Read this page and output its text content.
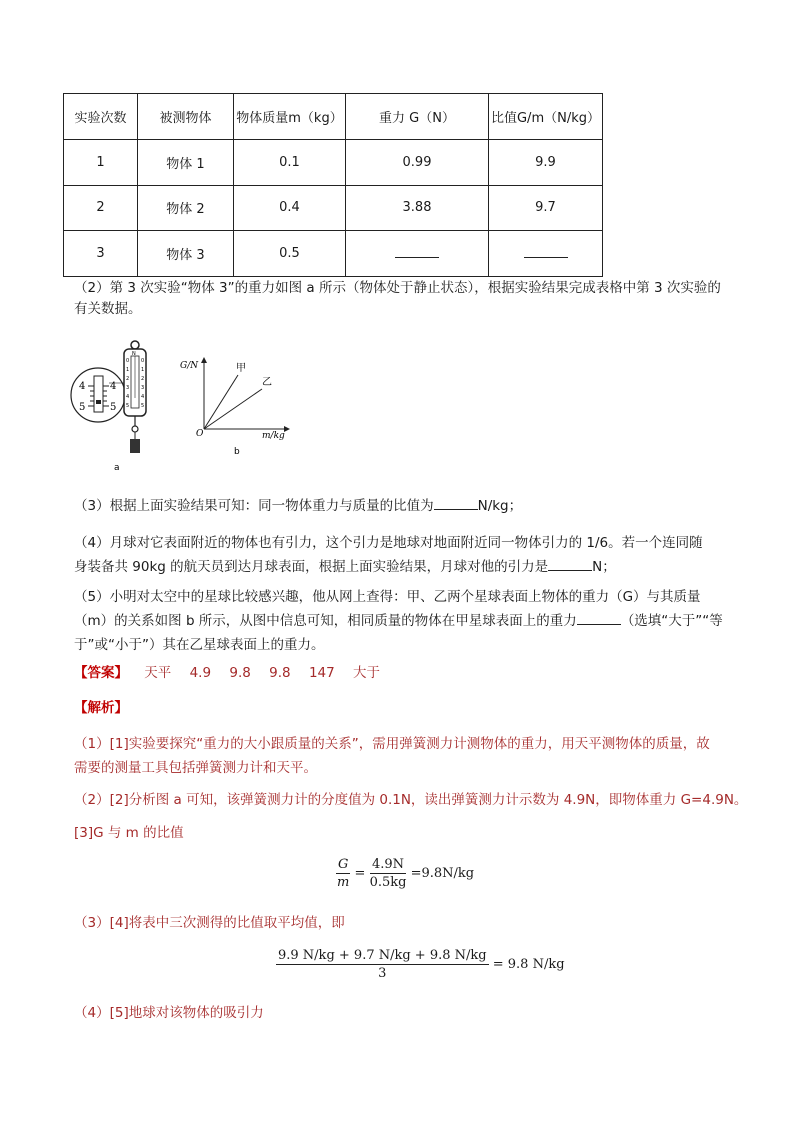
实验次数	被测物体	物体质量m（kg）	重力 G（N）	比值G/m（N/kg）
1	物体 1	0.1	0.99	9.9
2	物体 2	0.4	3.88	9.7
3	物体 3	0.5		
（2）第 3 次实验“物体 3”的重力如图 a 所示（物体处于静止状态），根据实验结果完成表格中第 3 次实验的
有关数据。
4 4
5 5
N
0
1
2
3
4
5
0
1
2
3
4
5
a
G/N
m/kg
O
甲
乙
b
（3）根据上面实验结果可知：同一物体重力与质量的比值为	N/kg；
（4）月球对它表面附近的物体也有引力，这个引力是地球对地面附近同一物体引力的 1/6。若一个连同随
身装备共 90kg 的航天员到达月球表面，根据上面实验结果，月球对他的引力是	N；
（5）小明对太空中的星球比较感兴趣，他从网上查得：甲、乙两个星球表面上物体的重力（G）与其质量
（m）的关系如图 b 所示，从图中信息可知，相同质量的物体在甲星球表面上的重力	（选填“大于”“等
于”或“小于”）其在乙星球表面上的重力。
【答案】 天平 4.9 9.8 9.8 147 大于
【解析】
（1）[1]实验要探究“重力的大小跟质量的关系”，需用弹簧测力计测物体的重力，用天平测物体的质量，故
需要的测量工具包括弹簧测力计和天平。
（2）[2]分析图 a 可知，该弹簧测力计的分度值为 0.1N，读出弹簧测力计示数为 4.9N，即物体重力 G=4.9N。
[3]G 与 m 的比值
$\frac{G}{m} = \frac{4.9N}{0.5kg} =9.8N/kg$
（3）[4]将表中三次测得的比值取平均值，即
$\frac{9.9 N/kg + 9.7 N/kg + 9.8 N/kg}{3} = 9.8$ N/kg
（4）[5]地球对该物体的吸引力
